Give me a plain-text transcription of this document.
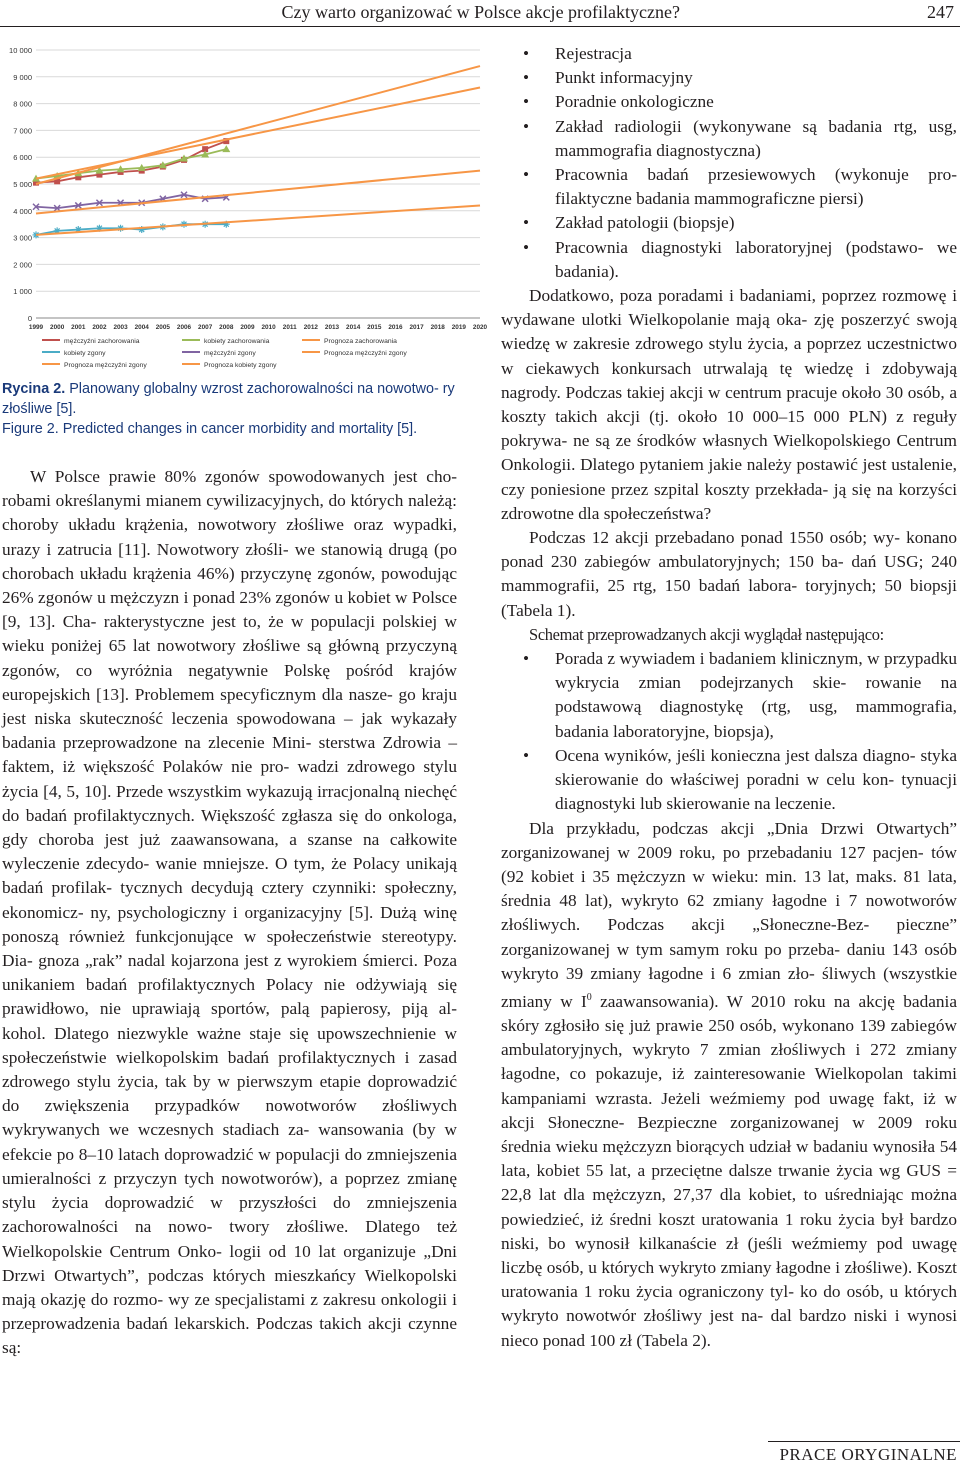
Czy warto organizować w Polsce akcje profilaktyczne?	247
0
1 000
2 000
3 000
4 000
5 000
6 000
7 000
8 000
9 000
10 000
1999 2000 2001 2002 2003 2004 2005 2006 2007 2008 2009 2010 2011 2012 2013 2014 2015 2016 2017 2018 2019 2020
mężczyźni zachorowania	kobiety zachorowania	Prognoza zachorowania
kobiety zgony	mężczyźni zgony	Prognoza mężczyźni zgony
Prognoza mężczyźni zgony	Prognoza kobiety zgony

Rycina 2. Planowany globalny wzrost zachorowalności na nowotwo- ry złośliwe [5].

Figure 2. Predicted changes in cancer morbidity and mortality [5].

W Polsce prawie 80% zgonów spowodowanych jest cho- robami określanymi mianem cywilizacyjnych, do których należą: choroby układu krążenia, nowotwory złośliwe oraz wypadki, urazy i zatrucia [11]. Nowotwory złośli- we stanowią drugą (po chorobach układu krążenia 46%) przyczynę zgonów, powodując 26% zgonów u mężczyzn i ponad 23% zgonów u kobiet w Polsce [9, 13]. Cha- rakterystyczne jest to, że w populacji polskiej w wieku poniżej 65 lat nowotwory złośliwe są główną przyczyną zgonów, co wyróżnia negatywnie Polskę pośród krajów europejskich [13]. Problemem specyficznym dla nasze- go kraju jest niska skuteczność leczenia spowodowana – jak wykazały badania przeprowadzone na zlecenie Mini- sterstwa Zdrowia – faktem, iż większość Polaków nie pro- wadzi zdrowego stylu życia [4, 5, 10]. Przede wszystkim wykazują irracjonalną niechęć do badań profilaktycznych. Większość zgłasza się do onkologa, gdy choroba jest już zaawansowana, a szanse na całkowite wyleczenie zdecydo- wanie mniejsze. O tym, że Polacy unikają badań profilak- tycznych decydują cztery czynniki: społeczny, ekonomicz- ny, psychologiczny i organizacyjny [5]. Dużą winę ponoszą również funkcjonujące w społeczeństwie stereotypy. Dia- gnoza „rak” nadal kojarzona jest z wyrokiem śmierci. Poza unikaniem badań profilaktycznych Polacy nie odżywiają się prawidłowo, nie uprawiają sportów, palą papierosy, piją al- kohol. Dlatego niezwykle ważne staje się upowszechnienie w społeczeństwie wielkopolskim badań profilaktycznych i zasad zdrowego stylu życia, tak by w pierwszym etapie doprowadzić do zwiększenia przypadków nowotworów złośliwych wykrywanych we wczesnych stadiach za- wansowania (by w efekcie po 8–10 latach doprowadzić w populacji do zmniejszenia umieralności z przyczyn tych nowotworów), a poprzez zmianę stylu życia doprowadzić w przyszłości do zmniejszenia zachorowalności na nowo- twory złośliwe. Dlatego też Wielkopolskie Centrum Onko- logii od 10 lat organizuje „Dni Drzwi Otwartych”, podczas których mieszkańcy Wielkopolski mają okazję do rozmo- wy ze specjalistami z zakresu onkologii i przeprowadzenia badań lekarskich. Podczas takich akcji czynne są:

• Rejestracja
• Punkt informacyjny
• Poradnie onkologiczne
• Zakład radiologii (wykonywane są badania rtg, usg, mammografia diagnostyczna)
• Pracownia badań przesiewowych (wykonuje pro- filaktyczne badania mammograficzne piersi)
• Zakład patologii (biopsje)
• Pracownia diagnostyki laboratoryjnej (podstawo- we badania).

Dodatkowo, poza poradami i badaniami, poprzez rozmowę i wydawane ulotki Wielkopolanie mają oka- zję poszerzyć swoją wiedzę w zakresie zdrowego stylu życia, a poprzez uczestnictwo w ciekawych konkursach utrwalają tę wiedzę i zdobywają nagrody. Podczas takiej akcji w centrum pracuje około 30 osób, a koszty takich akcji (tj. około 10 000–15 000 PLN) z reguły pokrywa- ne są ze środków własnych Wielkopolskiego Centrum Onkologii. Dlatego pytaniem jakie należy postawić jest ustalenie, czy poniesione przez szpital koszty przekłada- ją się na korzyści zdrowotne dla społeczeństwa?

Podczas 12 akcji przebadano ponad 1550 osób; wy- konano ponad 230 zabiegów ambulatoryjnych; 150 ba- dań USG; 240 mammografii, 25 rtg, 150 badań labora- toryjnych; 50 biopsji (Tabela 1).

Schemat przeprowadzanych akcji wyglądał następująco:

• Porada z wywiadem i badaniem klinicznym, w przypadku wykrycia zmian podejrzanych skie- rowanie na podstawową diagnostykę (rtg, usg, mammografia, badania laboratoryjne, biopsja),
• Ocena wyników, jeśli konieczna jest dalsza diagno- styka skierowanie do właściwej poradni w celu kon- tynuacji diagnostyki lub skierowanie na leczenie.

Dla przykładu, podczas akcji „Dnia Drzwi Otwartych” zorganizowanej w 2009 roku, po przebadaniu 127 pacjen- tów (92 kobiet i 35 mężczyzn w wieku: min. 13 lat, maks. 81 lata, średnia 48 lat), wykryto 62 zmiany łagodne i 7 nowotworów złośliwych. Podczas akcji „Słoneczne-Bez- pieczne” zorganizowanej w tym samym roku po przeba- daniu 143 osób wykryto 39 zmiany łagodne i 6 zmian zło- śliwych (wszystkie zmiany w $I^0$ zaawansowania). W 2010 roku na akcję badania skóry zgłosiło się już prawie 250 osób, wykonano 139 zabiegów ambulatoryjnych, wykryto 7 zmian złośliwych i 272 zmiany łagodne, co pokazuje, iż zainteresowanie Wielkopolan takimi kampaniami wzrasta. Jeżeli weźmiemy pod uwagę fakt, iż w akcji Słoneczne- Bezpieczne zorganizowanej w 2009 roku średnia wieku mężczyzn biorących udział w badaniu wynosiła 54 lata, kobiet 55 lat, a przeciętne dalsze trwanie życia wg GUS = 22,8 lat dla mężczyzn, 27,37 dla kobiet, to uśredniając można powiedzieć, iż średni koszt uratowania 1 roku życia był bardzo niski, bo wynosił kilkanaście zł (jeśli weźmiemy pod uwagę liczbę osób, u których wykryto zmiany łagodne i złośliwe). Koszt uratowania 1 roku życia ograniczony tyl- ko do osób, u których wykryto nowotwór złośliwy jest na- dal bardzo niski i wynosi nieco ponad 100 zł (Tabela 2).

PRACE ORYGINALNE
